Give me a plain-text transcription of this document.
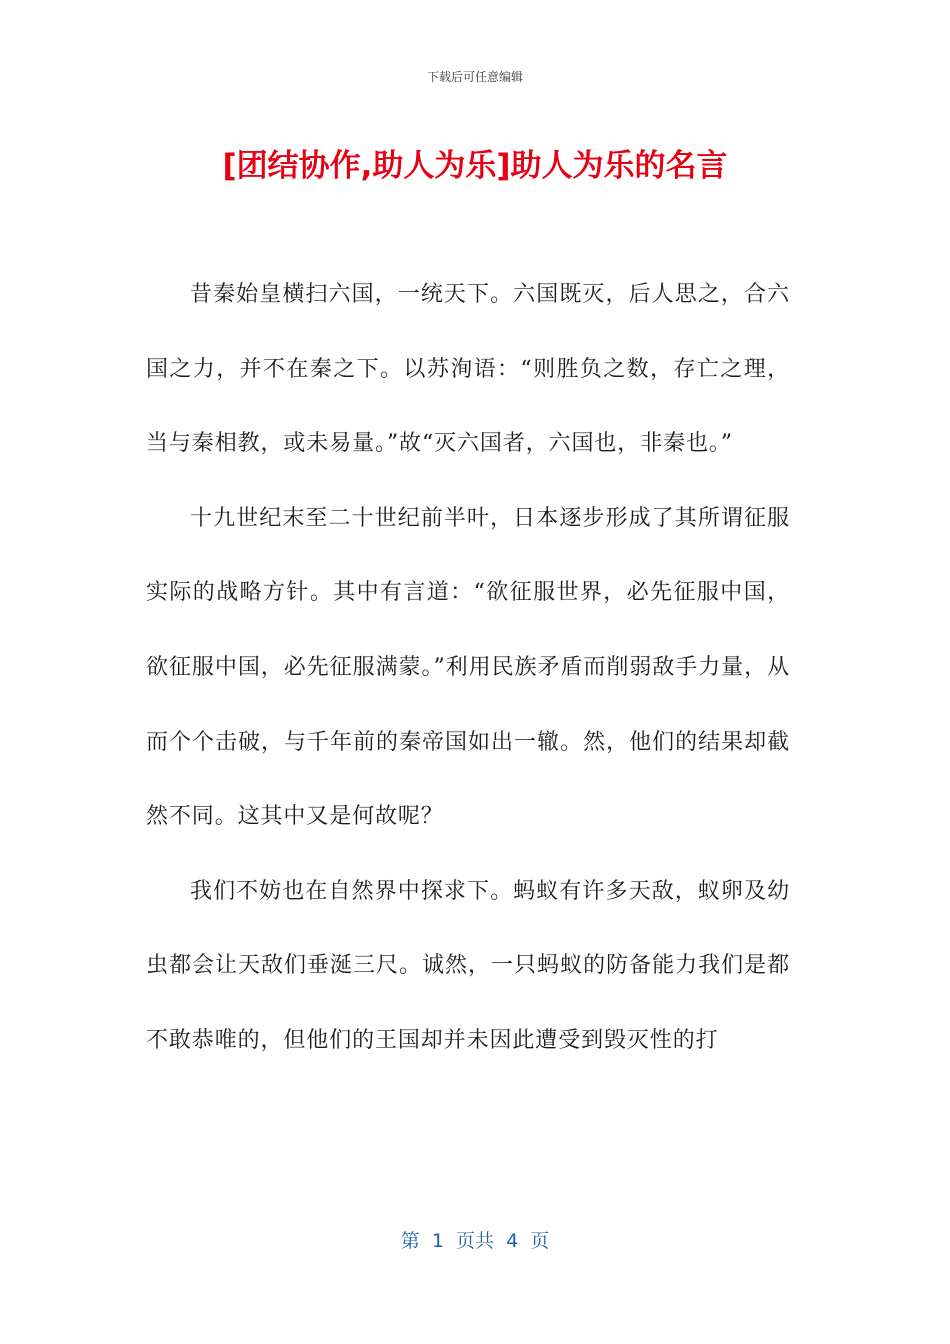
下载后可任意编辑
[团结协作,助人为乐]助人为乐的名言

昔秦始皇横扫六国，一统天下。六国既灭，后人思之，合六国之力，并不在秦之下。以苏洵语：“则胜负之数，存亡之理，当与秦相教，或未易量。”故“灭六国者，六国也，非秦也。”

十九世纪末至二十世纪前半叶，日本逐步形成了其所谓征服实际的战略方针。其中有言道：“欲征服世界，必先征服中国，欲征服中国，必先征服满蒙。”利用民族矛盾而削弱敌手力量，从而个个击破，与千年前的秦帝国如出一辙。然，他们的结果却截然不同。这其中又是何故呢？

我们不妨也在自然界中探求下。蚂蚁有许多天敌，蚁卵及幼虫都会让天敌们垂涎三尺。诚然，一只蚂蚁的防备能力我们是都不敢恭唯的，但他们的王国却并未因此遭受到毁灭性的打

第  1  页共  4  页
